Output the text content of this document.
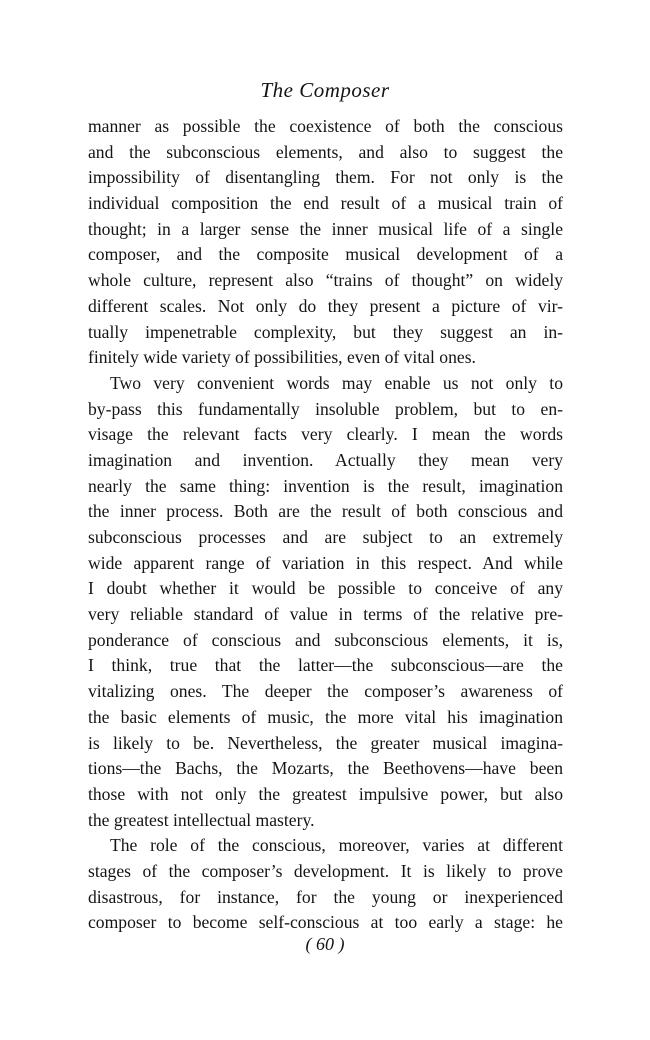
The Composer
manner as possible the coexistence of both the conscious
and the subconscious elements, and also to suggest the
impossibility of disentangling them. For not only is the
individual composition the end result of a musical train of
thought; in a larger sense the inner musical life of a single
composer, and the composite musical development of a
whole culture, represent also “trains of thought” on widely
different scales. Not only do they present a picture of vir-
tually impenetrable complexity, but they suggest an in-
finitely wide variety of possibilities, even of vital ones.
Two very convenient words may enable us not only to
by-pass this fundamentally insoluble problem, but to en-
visage the relevant facts very clearly. I mean the words
imagination and invention. Actually they mean very
nearly the same thing: invention is the result, imagination
the inner process. Both are the result of both conscious and
subconscious processes and are subject to an extremely
wide apparent range of variation in this respect. And while
I doubt whether it would be possible to conceive of any
very reliable standard of value in terms of the relative pre-
ponderance of conscious and subconscious elements, it is,
I think, true that the latter—the subconscious—are the
vitalizing ones. The deeper the composer’s awareness of
the basic elements of music, the more vital his imagination
is likely to be. Nevertheless, the greater musical imagina-
tions—the Bachs, the Mozarts, the Beethovens—have been
those with not only the greatest impulsive power, but also
the greatest intellectual mastery.
The role of the conscious, moreover, varies at different
stages of the composer’s development. It is likely to prove
disastrous, for instance, for the young or inexperienced
composer to become self-conscious at too early a stage: he
( 60 )
